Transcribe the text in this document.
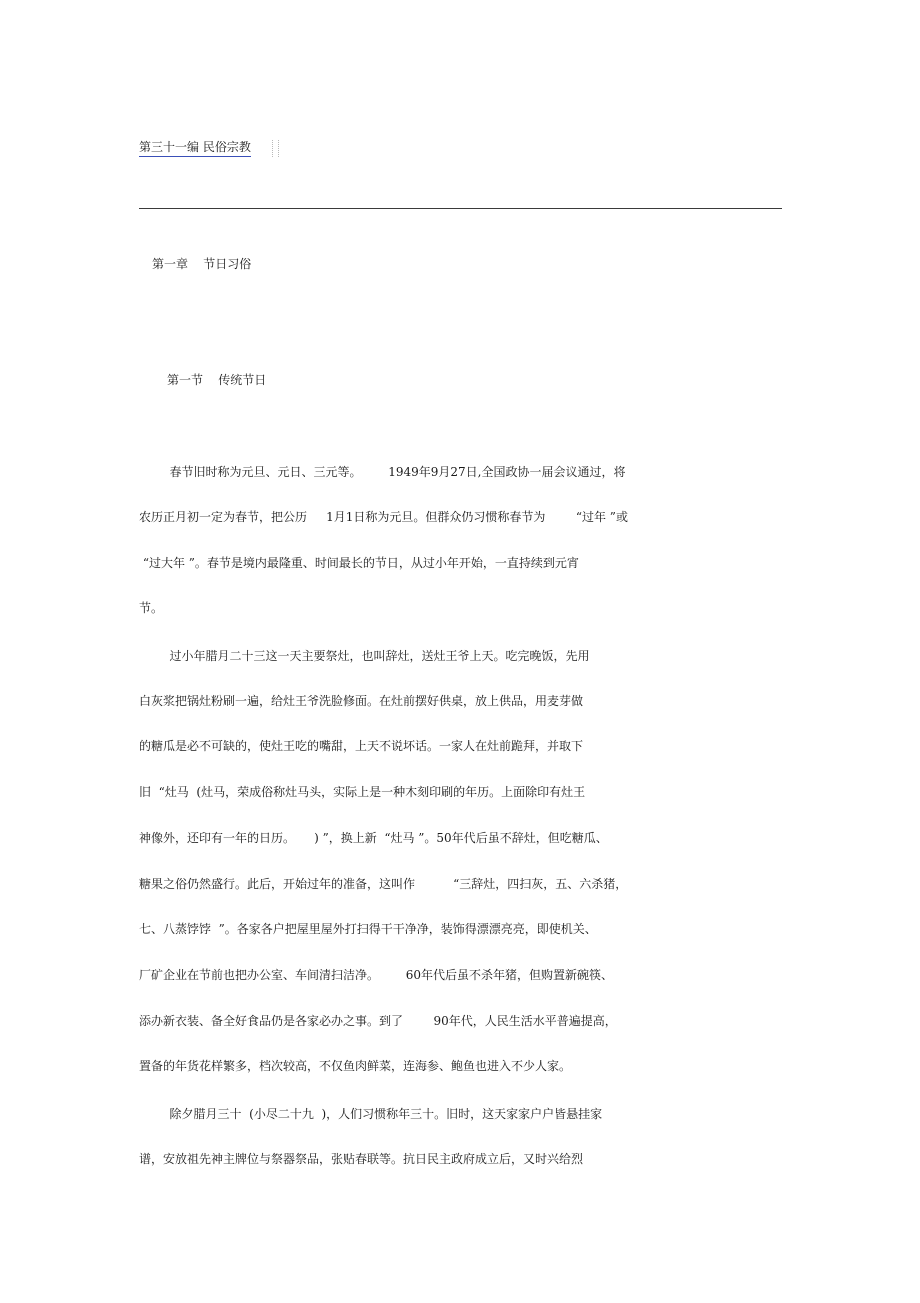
第三十一编 民俗宗教
第一章    节日习俗
第一节    传统节日
春节旧时称为元旦、元日、三元等。       1949年9月27日,全国政协一届会议通过，将
农历正月初一定为春节，把公历     1月1日称为元旦。但群众仍习惯称春节为        “过年 ”或
“过大年 ”。春节是境内最隆重、时间最长的节日，从过小年开始，一直持续到元宵
节。
过小年腊月二十三这一天主要祭灶，也叫辞灶，送灶王爷上天。吃完晚饭，先用
白灰浆把锅灶粉刷一遍，给灶王爷洗脸修面。在灶前摆好供桌，放上供品，用麦芽做
的糖瓜是必不可缺的，使灶王吃的嘴甜，上天不说坏话。一家人在灶前跪拜，并取下
旧  “灶马  (灶马，荣成俗称灶马头，实际上是一种木刻印刷的年历。上面除印有灶王
神像外，还印有一年的日历。     ) ”，换上新  “灶马 ”。50年代后虽不辞灶，但吃糖瓜、
糖果之俗仍然盛行。此后，开始过年的准备，这叫作          “三辞灶，四扫灰，五、六杀猪，
七、八蒸饽饽  ”。各家各户把屋里屋外打扫得干干净净，装饰得漂漂亮亮，即使机关、
厂矿企业在节前也把办公室、车间清扫洁净。       60年代后虽不杀年猪，但购置新碗筷、
添办新衣装、备全好食品仍是各家必办之事。到了        90年代，人民生活水平普遍提高，
置备的年货花样繁多，档次较高，不仅鱼肉鲜菜，连海参、鲍鱼也进入不少人家。
除夕腊月三十  (小尽二十九  )，人们习惯称年三十。旧时，这天家家户户皆悬挂家
谱，安放祖先神主牌位与祭器祭品，张贴春联等。抗日民主政府成立后，又时兴给烈
